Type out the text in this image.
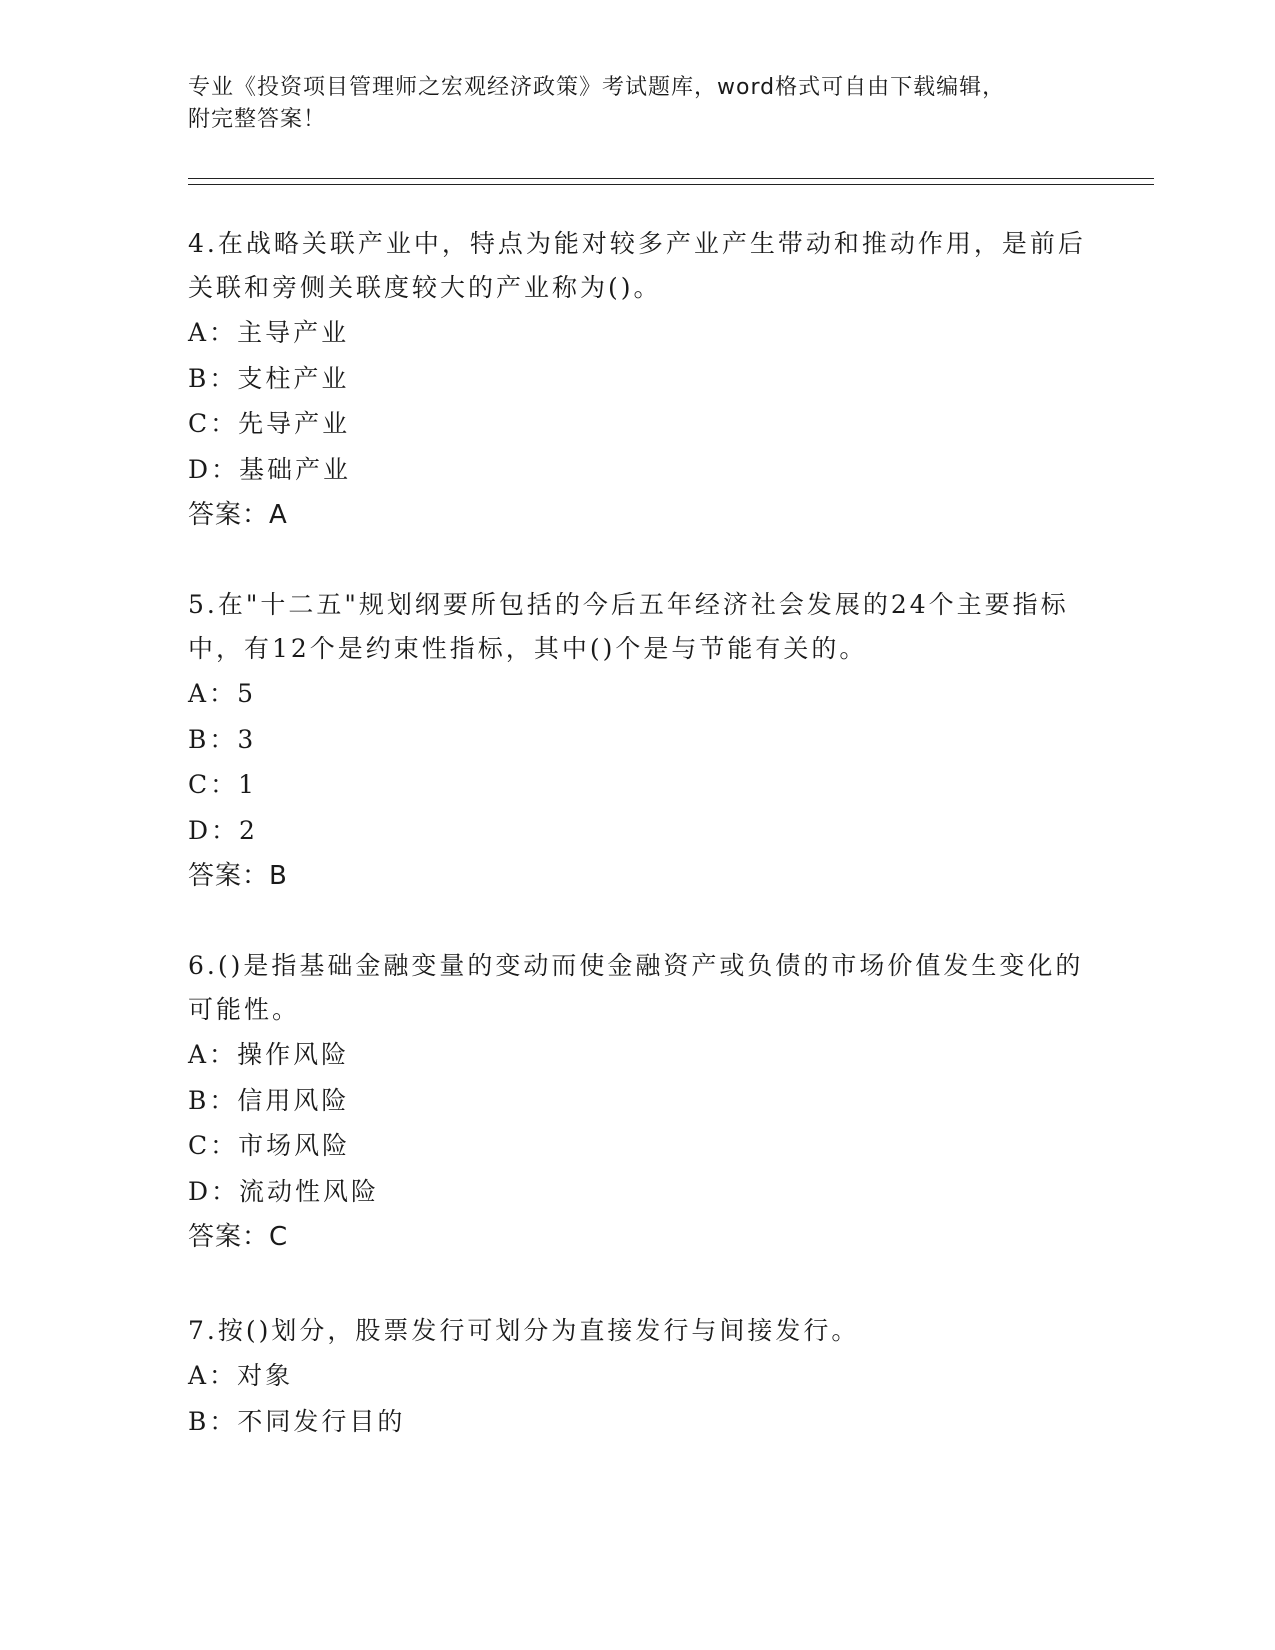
专业《投资项目管理师之宏观经济政策》考试题库，word格式可自由下载编辑，
附完整答案！
4.在战略关联产业中，特点为能对较多产业产生带动和推动作用，是前后关联和旁侧关联度较大的产业称为()。
A：主导产业
B：支柱产业
C：先导产业
D：基础产业
答案：A
5.在"十二五"规划纲要所包括的今后五年经济社会发展的24个主要指标中，有12个是约束性指标，其中()个是与节能有关的。
A：5
B：3
C：1
D：2
答案：B
6.()是指基础金融变量的变动而使金融资产或负债的市场价值发生变化的可能性。
A：操作风险
B：信用风险
C：市场风险
D：流动性风险
答案：C
7.按()划分，股票发行可划分为直接发行与间接发行。
A：对象
B：不同发行目的
